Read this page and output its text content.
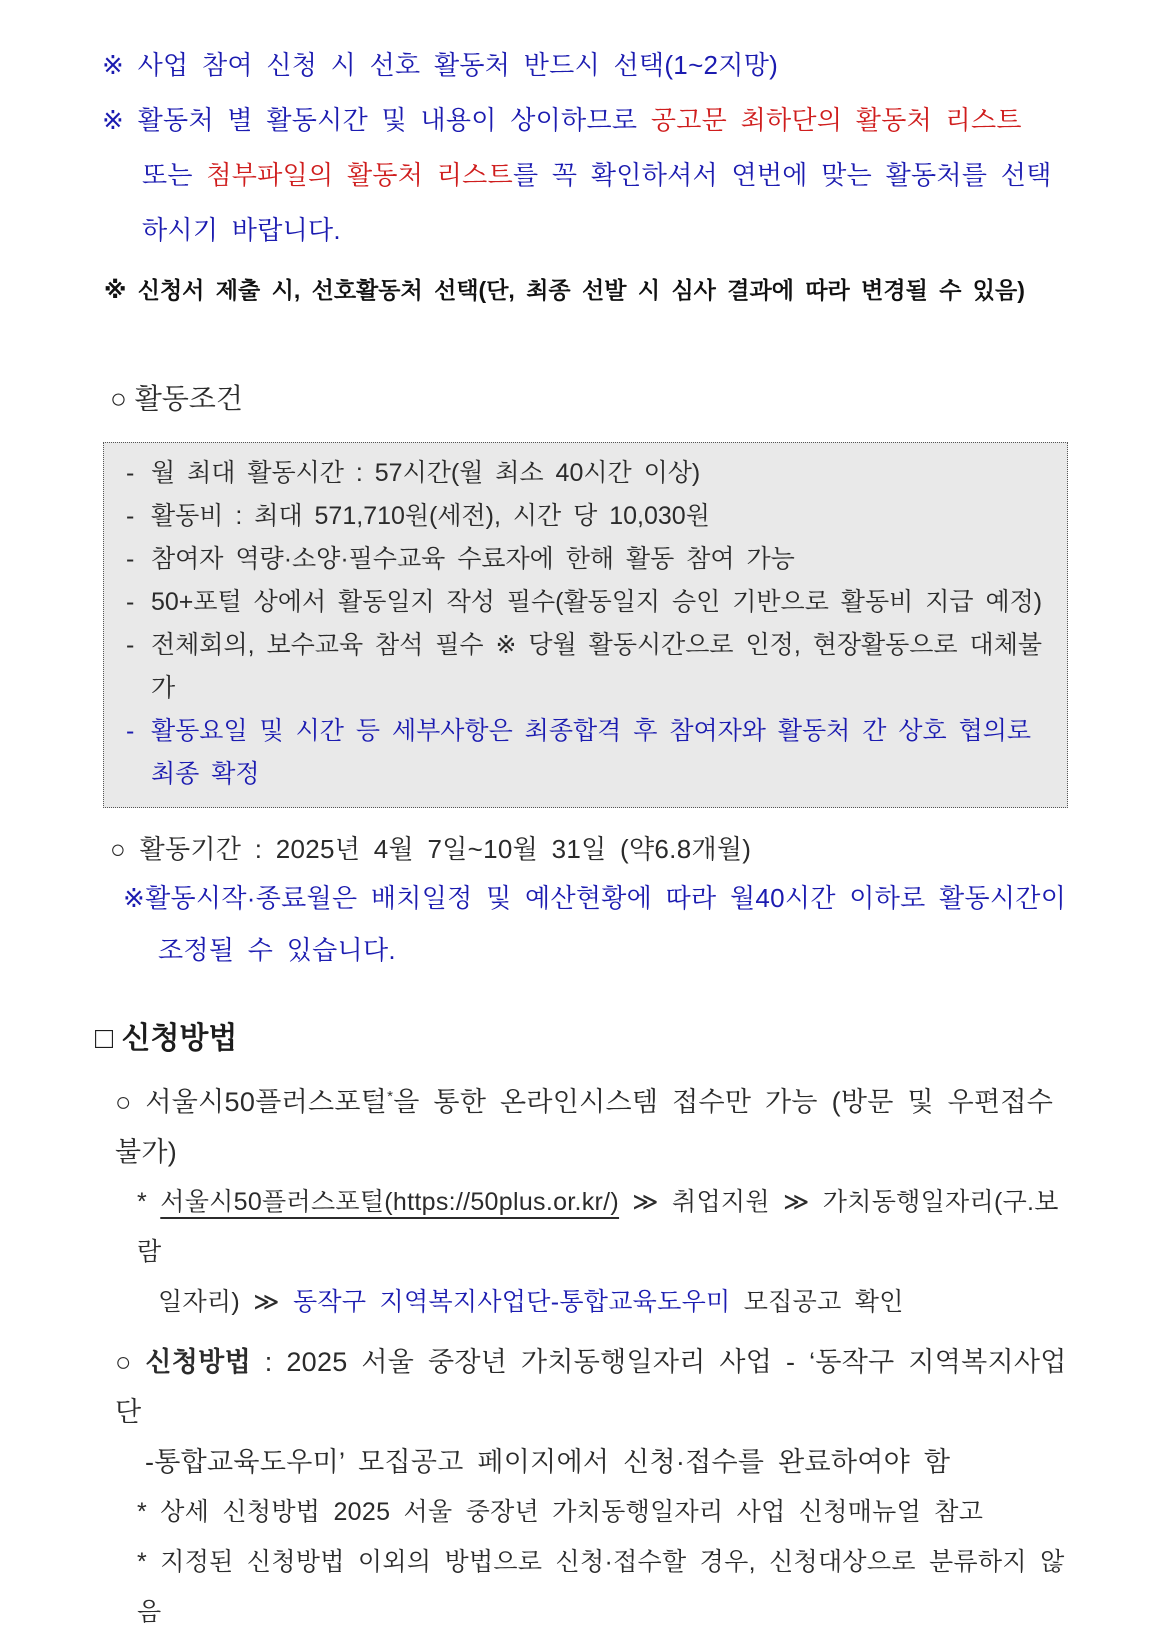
※ 사업 참여 신청 시 선호 활동처 반드시 선택(1~2지망)

※ 활동처 별 활동시간 및 내용이 상이하므로 공고문 최하단의 활동처 리스트

또는 첨부파일의 활동처 리스트를 꼭 확인하셔서 연번에 맞는 활동처를 선택

하시기 바랍니다.

※ 신청서 제출 시, 선호활동처 선택(단, 최종 선발 시 심사 결과에 따라 변경될 수 있음)

○ 활동조건

- 월 최대 활동시간 : 57시간(월 최소 40시간 이상)

- 활동비 : 최대 571,710원(세전), 시간 당 10,030원

- 참여자 역량·소양·필수교육 수료자에 한해 활동 참여 가능

- 50+포털 상에서 활동일지 작성 필수(활동일지 승인 기반으로 활동비 지급 예정)

- 전체회의, 보수교육 참석 필수 ※ 당월 활동시간으로 인정, 현장활동으로 대체불가

- 활동요일 및 시간 등 세부사항은 최종합격 후 참여자와 활동처 간 상호 협의로 최종 확정

○ 활동기간 : 2025년 4월 7일~10월 31일 (약6.8개월)

※활동시작·종료월은 배치일정 및 예산현황에 따라 월40시간 이하로 활동시간이

조정될 수 있습니다.

□ 신청방법

○ 서울시50플러스포털*을 통한 온라인시스템 접수만 가능 (방문 및 우편접수 불가)

* 서울시50플러스포털(https://50plus.or.kr/) ≫ 취업지원 ≫ 가치동행일자리(구.보람

일자리) ≫ 동작구 지역복지사업단-통합교육도우미 모집공고 확인

○ 신청방법 : 2025 서울 중장년 가치동행일자리 사업 - ‘동작구 지역복지사업단

-통합교육도우미’ 모집공고 페이지에서 신청·접수를 완료하여야 함

* 상세 신청방법 2025 서울 중장년 가치동행일자리 사업 신청매뉴얼 참고

* 지정된 신청방법 이외의 방법으로 신청·접수할 경우, 신청대상으로 분류하지 않음
